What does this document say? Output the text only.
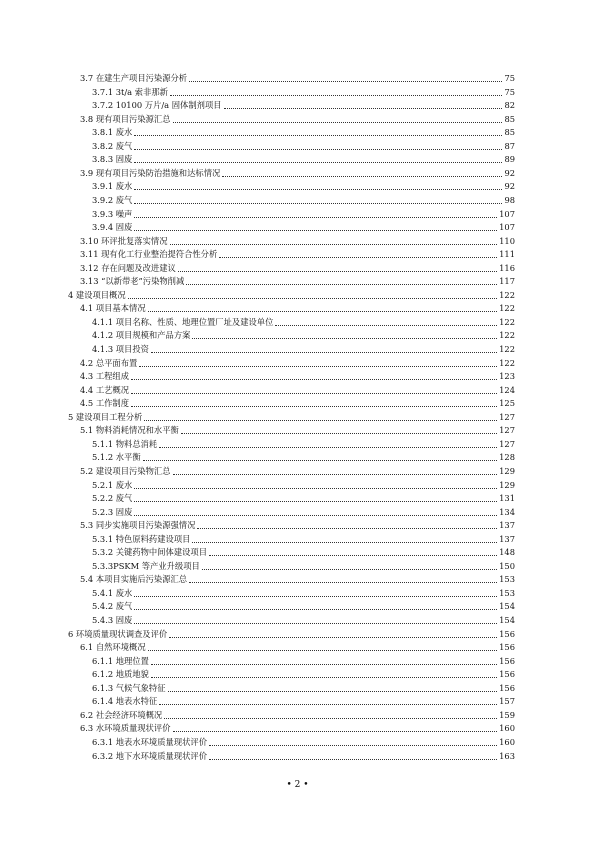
3.7 在建生产项目污染源分析	75
3.7.1 3t/a 索非那新	75
3.7.2 10100 万片/a 固体制剂项目	82
3.8 现有项目污染源汇总	85
3.8.1 废水	85
3.8.2 废气	87
3.8.3 固废	89
3.9 现有项目污染防治措施和达标情况	92
3.9.1 废水	92
3.9.2 废气	98
3.9.3 噪声	107
3.9.4 固废	107
3.10 环评批复落实情况	110
3.11 现有化工行业整治提符合性分析	111
3.12 存在问题及改进建议	116
3.13 “以新带老”污染物削减	117
4 建设项目概况	122
4.1 项目基本情况	122
4.1.1 项目名称、性质、地理位置厂址及建设单位	122
4.1.2 项目规模和产品方案	122
4.1.3 项目投资	122
4.2 总平面布置	122
4.3 工程组成	123
4.4 工艺概况	124
4.5 工作制度	125
5 建设项目工程分析	127
5.1 物料消耗情况和水平衡	127
5.1.1 物料总消耗	127
5.1.2 水平衡	128
5.2 建设项目污染物汇总	129
5.2.1 废水	129
5.2.2 废气	131
5.2.3 固废	134
5.3 同步实施项目污染源强情况	137
5.3.1 特色原料药建设项目	137
5.3.2 关键药物中间体建设项目	148
5.3.3PSKM 等产业升级项目	150
5.4 本项目实施后污染源汇总	153
5.4.1 废水	153
5.4.2 废气	154
5.4.3 固废	154
6 环境质量现状调查及评价	156
6.1 自然环境概况	156
6.1.1 地理位置	156
6.1.2 地质地貌	156
6.1.3 气候气象特征	156
6.1.4 地表水特征	157
6.2 社会经济环境概况	159
6.3 水环境质量现状评价	160
6.3.1 地表水环境质量现状评价	160
6.3.2 地下水环境质量现状评价	163
• 2 •
